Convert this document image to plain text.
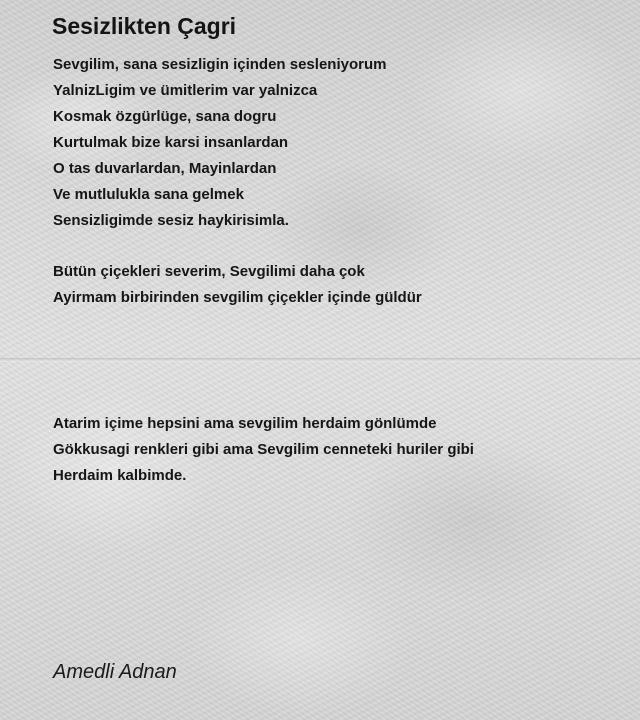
Sesizlikten Çagri
Sevgilim, sana sesizligin içinden sesleniyorum
YalnizLigim ve ümitlerim var yalnizca
Kosmak özgürlüge, sana dogru
Kurtulmak bize karsi insanlardan
O tas duvarlardan, Mayinlardan
Ve mutlulukla sana gelmek
Sensizligimde sesiz haykirisimla.
Bütün çiçekleri severim, Sevgilimi daha çok
Ayirmam birbirinden sevgilim çiçekler içinde güldür
Atarim içime hepsini ama sevgilim herdaim gönlümde
Gökkusagi renkleri gibi ama Sevgilim cenneteki huriler gibi
Herdaim kalbimde.
Amedli Adnan
